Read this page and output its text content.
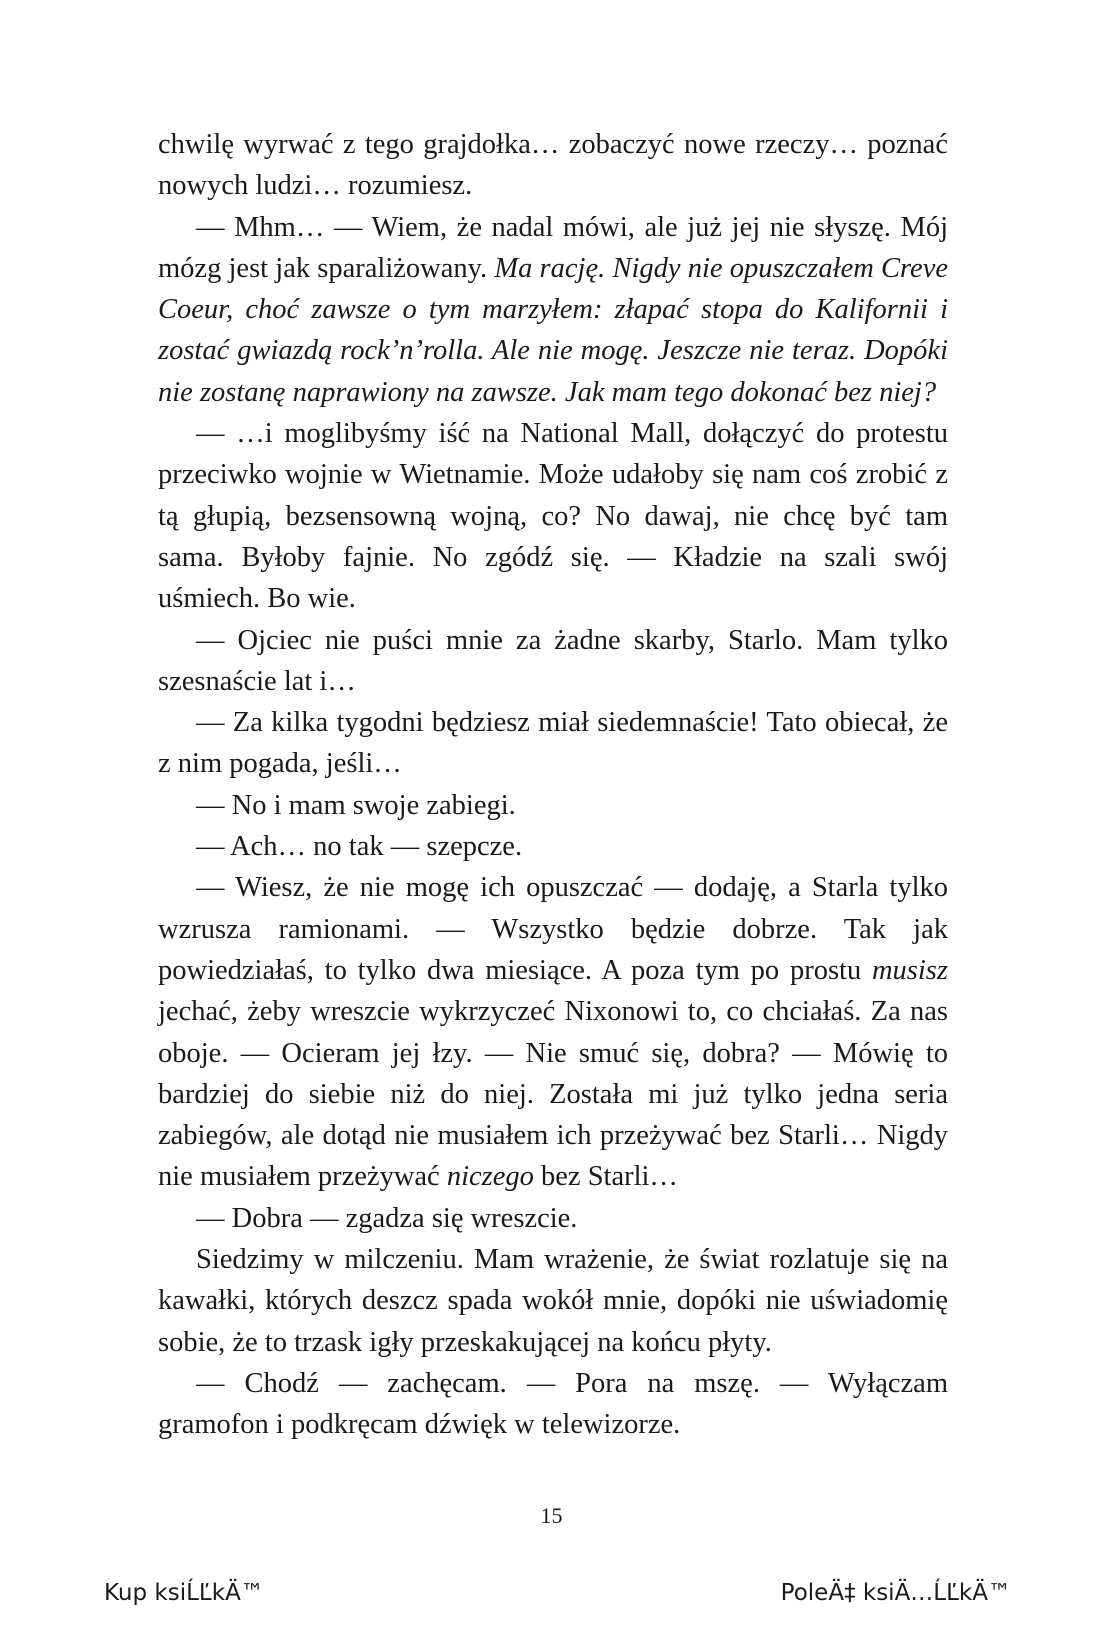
chwilę wyrwać z tego grajdołka… zobaczyć nowe rzeczy… poznać nowych ludzi… rozumiesz.

— Mhm… — Wiem, że nadal mówi, ale już jej nie słyszę. Mój mózg jest jak sparaliżowany. Ma rację. Nigdy nie opuszczałem Creve Coeur, choć zawsze o tym marzyłem: złapać stopa do Kalifornii i zostać gwiazdą rock’n’rolla. Ale nie mogę. Jeszcze nie teraz. Dopóki nie zostanę naprawiony na zawsze. Jak mam tego dokonać bez niej?

— …i moglibyśmy iść na National Mall, dołączyć do protestu przeciwko wojnie w Wietnamie. Może udałoby się nam coś zrobić z tą głupią, bezsensowną wojną, co? No dawaj, nie chcę być tam sama. Byłoby fajnie. No zgódź się. — Kładzie na szali swój uśmiech. Bo wie.

— Ojciec nie puści mnie za żadne skarby, Starlo. Mam tylko szesnaście lat i…

— Za kilka tygodni będziesz miał siedemnaście! Tato obiecał, że z nim pogada, jeśli…

— No i mam swoje zabiegi.

— Ach… no tak — szepcze.

— Wiesz, że nie mogę ich opuszczać — dodaję, a Starla tylko wzrusza ramionami. — Wszystko będzie dobrze. Tak jak powiedziałaś, to tylko dwa miesiące. A poza tym po prostu musisz jechać, żeby wreszcie wykrzyczeć Nixonowi to, co chciałaś. Za nas oboje. — Ocieram jej łzy. — Nie smuć się, dobra? — Mówię to bardziej do siebie niż do niej. Została mi już tylko jedna seria zabiegów, ale dotąd nie musiałem ich przeżywać bez Starli… Nigdy nie musiałem przeżywać niczego bez Starli…

— Dobra — zgadza się wreszcie.

Siedzimy w milczeniu. Mam wrażenie, że świat rozlatuje się na kawałki, których deszcz spada wokół mnie, dopóki nie uświadomię sobie, że to trzask igły przeskakującej na końcu płyty.

— Chodź — zachęcam. — Pora na mszę. — Wyłączam gramofon i podkręcam dźwięk w telewizorze.

15
Kup ksiĹĽkÄ™	PoleÄ‡ ksiÄ…ĹĽkÄ™
